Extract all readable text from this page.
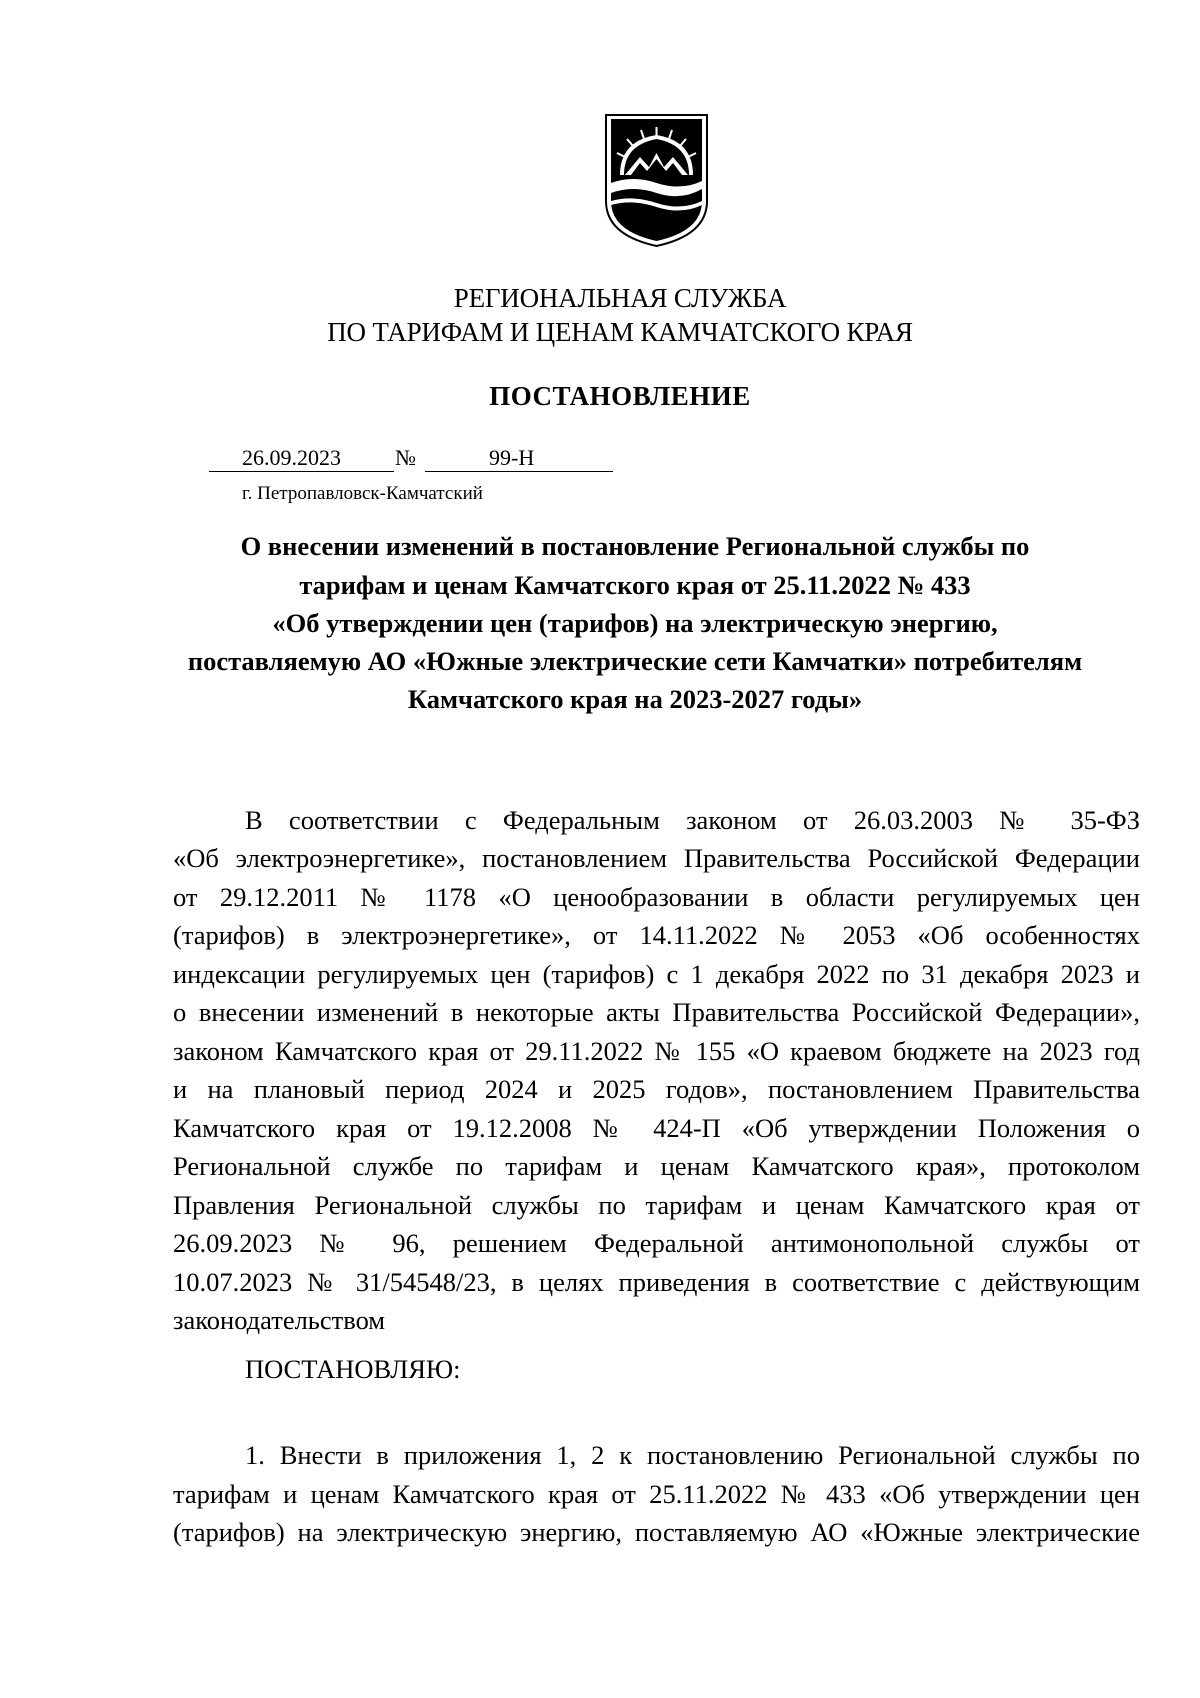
РЕГИОНАЛЬНАЯ СЛУЖБА
ПО ТАРИФАМ И ЦЕНАМ КАМЧАТСКОГО КРАЯ
ПОСТАНОВЛЕНИЕ
26.09.2023 №	99-Н
г. Петропавловск-Камчатский
О внесении изменений в постановление Региональной службы по
тарифам и ценам Камчатского края от 25.11.2022 № 433
«Об утверждении цен (тарифов) на электрическую энергию,
поставляемую АО «Южные электрические сети Камчатки» потребителям
Камчатского края на 2023-2027 годы»
В соответствии с Федеральным законом от 26.03.2003 № 35-ФЗ
«Об электроэнергетике», постановлением Правительства Российской Федерации
от 29.12.2011 № 1178 «О ценообразовании в области регулируемых цен
(тарифов) в электроэнергетике», от 14.11.2022 № 2053 «Об особенностях
индексации регулируемых цен (тарифов) с 1 декабря 2022 по 31 декабря 2023 и
о внесении изменений в некоторые акты Правительства Российской Федерации»,
законом Камчатского края от 29.11.2022 № 155 «О краевом бюджете на 2023 год
и на плановый период 2024 и 2025 годов», постановлением Правительства
Камчатского края от 19.12.2008 № 424-П «Об утверждении Положения о
Региональной службе по тарифам и ценам Камчатского края», протоколом
Правления Региональной службы по тарифам и ценам Камчатского края от
26.09.2023 № 96, решением Федеральной антимонопольной службы от
10.07.2023 № 31/54548/23, в целях приведения в соответствие с действующим
законодательством
ПОСТАНОВЛЯЮ:
1. Внести в приложения 1, 2 к постановлению Региональной службы по
тарифам и ценам Камчатского края от 25.11.2022 № 433 «Об утверждении цен
(тарифов) на электрическую энергию, поставляемую АО «Южные электрические
